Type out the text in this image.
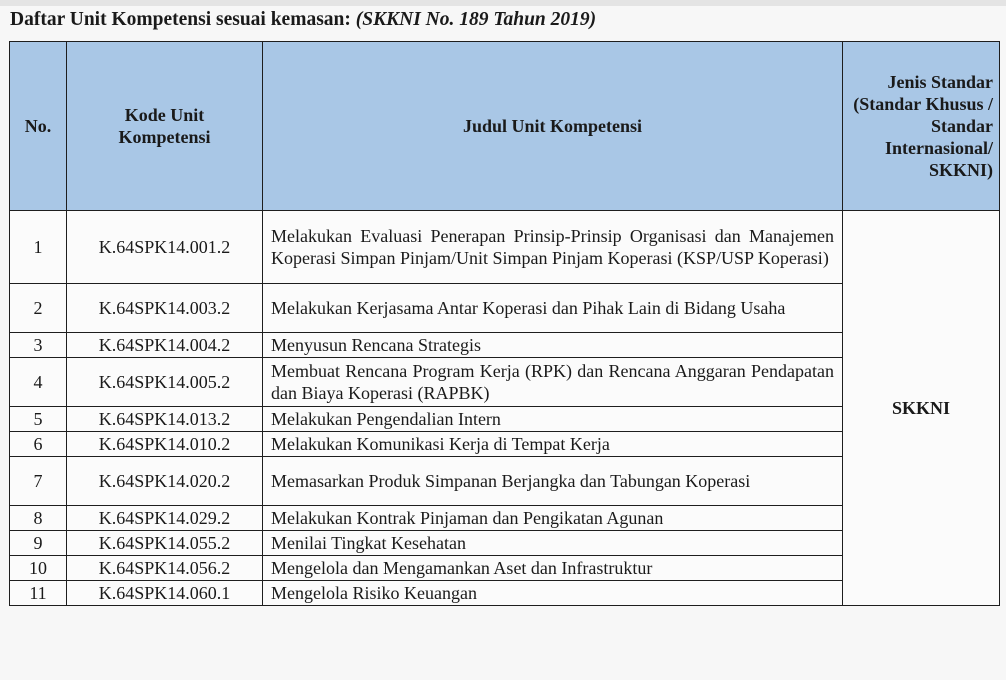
Daftar Unit Kompetensi sesuai kemasan: (SKKNI No. 189 Tahun 2019)
No.	Kode Unit Kompetensi	Judul Unit Kompetensi	Jenis Standar (Standar Khusus / Standar Internasional/ SKKNI)
1	K.64SPK14.001.2	Melakukan Evaluasi Penerapan Prinsip-Prinsip Organisasi dan Manajemen Koperasi Simpan Pinjam/Unit Simpan Pinjam Koperasi (KSP/USP Koperasi)	SKKNI
2	K.64SPK14.003.2	Melakukan Kerjasama Antar Koperasi dan Pihak Lain di Bidang Usaha	
3	K.64SPK14.004.2	Menyusun Rencana Strategis	
4	K.64SPK14.005.2	Membuat Rencana Program Kerja (RPK) dan Rencana Anggaran Pendapatan dan Biaya Koperasi (RAPBK)	
5	K.64SPK14.013.2	Melakukan Pengendalian Intern	
6	K.64SPK14.010.2	Melakukan Komunikasi Kerja di Tempat Kerja	
7	K.64SPK14.020.2	Memasarkan Produk Simpanan Berjangka dan Tabungan Koperasi	
8	K.64SPK14.029.2	Melakukan Kontrak Pinjaman dan Pengikatan Agunan	
9	K.64SPK14.055.2	Menilai Tingkat Kesehatan	
10	K.64SPK14.056.2	Mengelola dan Mengamankan Aset dan Infrastruktur	
11	K.64SPK14.060.1	Mengelola Risiko Keuangan	
